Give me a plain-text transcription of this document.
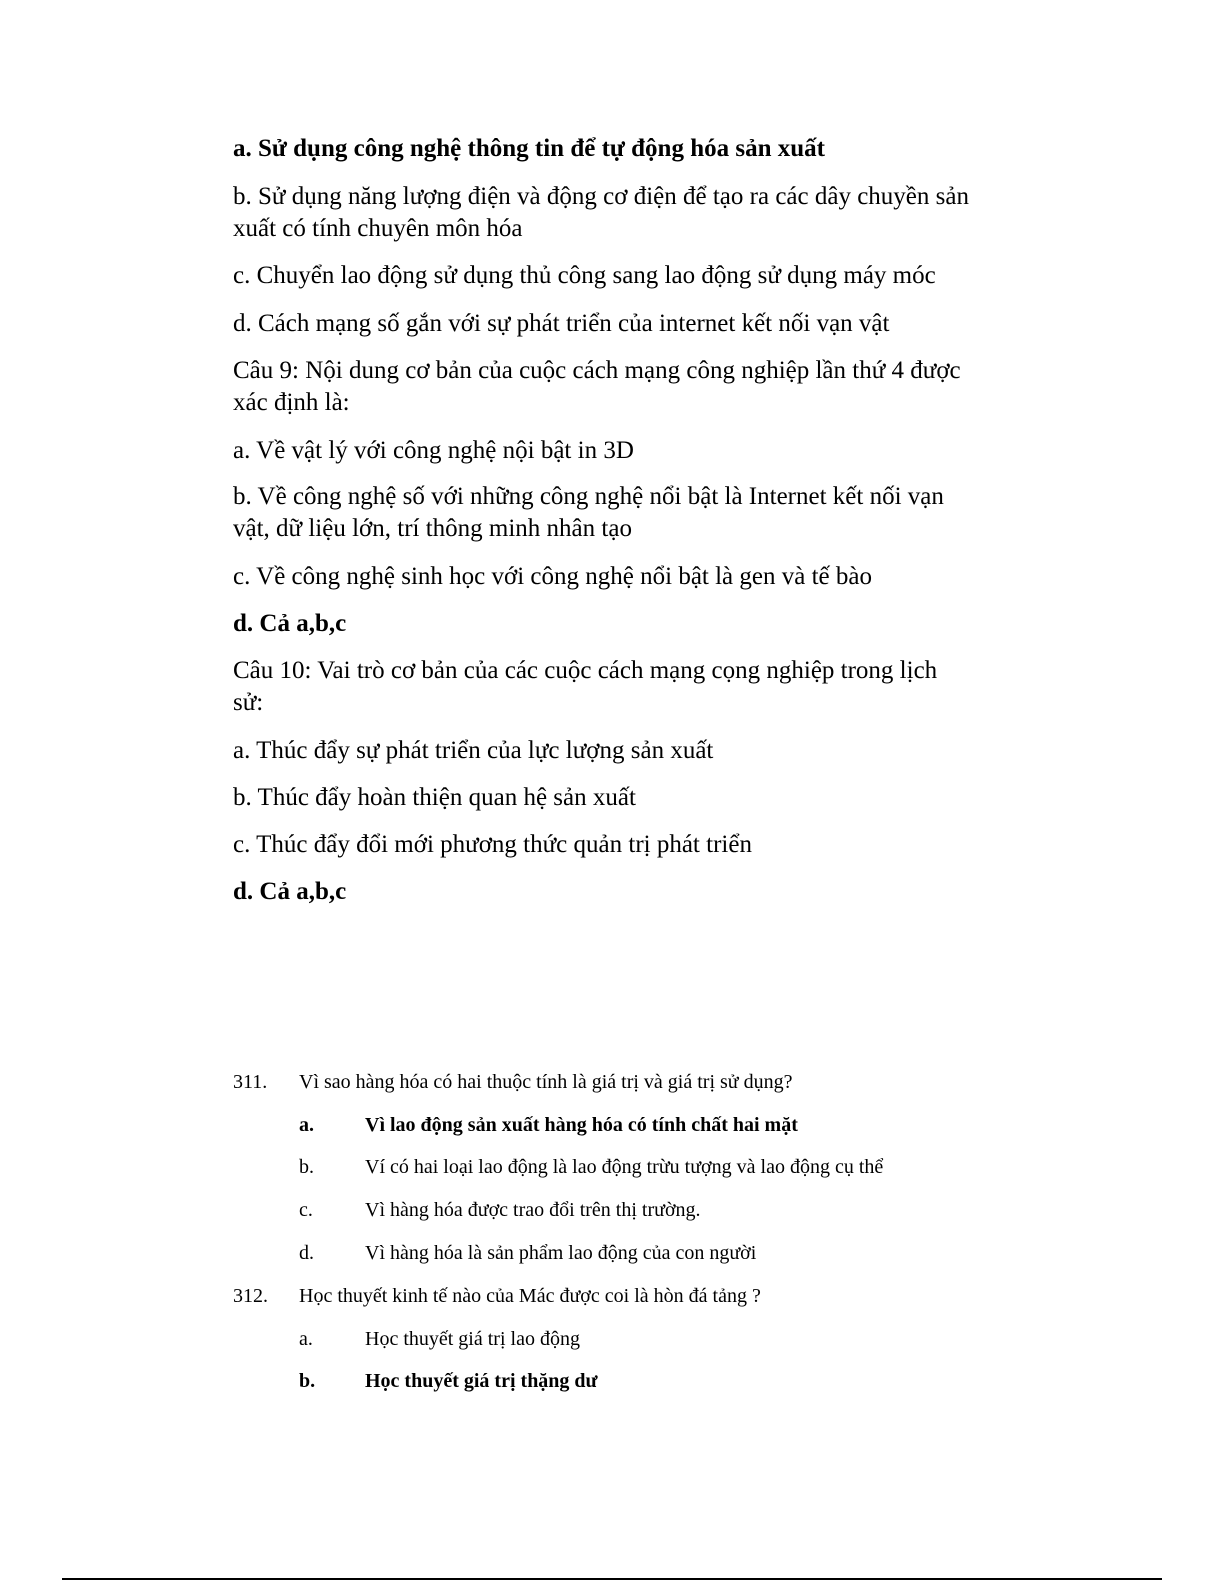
a. Sử dụng công nghệ thông tin để tự động hóa sản xuất
b. Sử dụng năng lượng điện và động cơ điện để tạo ra các dây chuyền sản
xuất có tính chuyên môn hóa
c. Chuyển lao động sử dụng thủ công sang lao động sử dụng máy móc
d. Cách mạng số gắn với sự phát triển của internet kết nối vạn vật
Câu 9: Nội dung cơ bản của cuộc cách mạng công nghiệp lần thứ 4 được
xác định là:
a. Về vật lý với công nghệ nội bật in 3D
b. Về công nghệ số với những công nghệ nổi bật là Internet kết nối vạn
vật, dữ liệu lớn, trí thông minh nhân tạo
c. Về công nghệ sinh học với công nghệ nổi bật là gen và tế bào
d. Cả a,b,c
Câu 10: Vai trò cơ bản của các cuộc cách mạng cọng nghiệp trong lịch
sử:
a. Thúc đẩy sự phát triển của lực lượng sản xuất
b. Thúc đẩy hoàn thiện quan hệ sản xuất
c. Thúc đẩy đổi mới phương thức quản trị phát triển
d. Cả a,b,c
311. Vì sao hàng hóa có hai thuộc tính là giá trị và giá trị sử dụng?
a.	Vì lao động sản xuất hàng hóa có tính chất hai mặt
b.	Ví có hai loại lao động là lao động trừu tượng và lao động cụ thể
c.	Vì hàng hóa được trao đổi trên thị trường.
d.	Vì hàng hóa là sản phẩm lao động của con người
312. Học thuyết kinh tế nào của Mác được coi là hòn đá tảng ?
a.	Học thuyết giá trị lao động
b. Học thuyết giá trị thặng dư
